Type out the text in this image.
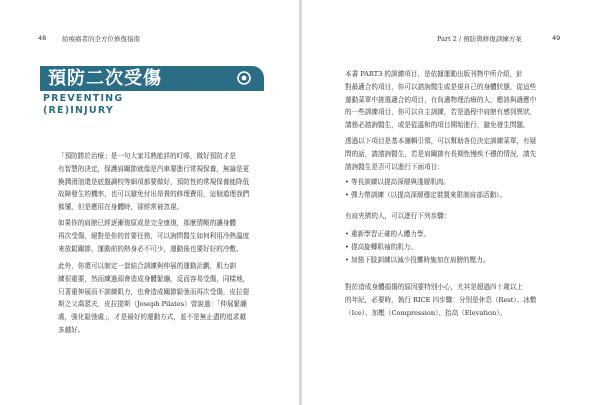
48 給痠痛者的全方位修復指南	Part 2 / 預防與修復訓練方案	49
預防二次受傷
PREVENTING
(RE)INJURY
「預防勝於治療」是一句大家耳熟能詳的叮嚀，做好預防才是
有智慧的決定，保護肩關節就像是汽車要進行常規保養，無論是更
換潤滑油還是底盤調校等細項都要做好，預防性的常規保養能降低
故障發生的機率，也可以避免付出昂貴的修理費用，這個道理我們
都懂，但是應用在身體時，卻經常被忽視。
如果你的肩膀已經逐漸復原或是完全康復，那麼情帳的讓身體
再次受傷，絕對是你的首要任務，可以詢問醫生如何利用冷熱溫度
來放鬆關節，運動前的熱身必不可少，運動後也要好好的冷敷。
此外，你還可以制定一套結合訓練與伸展的運動計劃，肌力訓
練很重要，然而練過頭會造成身體緊繃，反而容易受傷，同樣地，
只著重伸展而不訓練肌力，也會造成關節鬆弛而再次受傷，皮拉提
斯之父喬瑟夫．皮拉提斯（Joseph Pilates）曾說過：「伸展緊繃
處，強化鬆弛處」，才是最好的運動方式，並不是無止盡的追求越
多越好。
本書 PART3 的訓練項目，是依據運動出版刊物中所介紹，針
對最適合的項目，你可以諮詢醫生或是視自己的身體狀態，從這些
運動菜單中挑選適合的項目，有負適物理治療的人，應該與適應中
的一些訓練項目，你可以自主訓練，若是過程中肩膀有感到異狀，
請務必諮詢醫生，或是從溫和的項目開始進行，避免發生問題。
透過以下項目是基本邏輯引領，可以幫助各位決定訓練菜單，有疑
問的話，請諮詢醫生，若是肩關節有長期性慢疾不穩的情況，請先
諮詢醫生是否可以進行下面項目：
• 等長訓練以提高深層與淺層肌肉。
• 彈力帶訓練（以提高深層穩定裝置來限制肩部活動）。
有肩夾擠的人，可以進行下列步驟：
• 重新學習正確的人體力學。
• 提高旋轉肌袖的肌力。
• 加強下肢訓練以減少投擲時施加在肩膀的壓力。
對於造成身體損傷的原因要特別小心，尤其是超過四十歲以上
的年紀，必要時，執行 RICE 四步驟：分別是休息（Rest）、冰敷
（Ice）、加壓（Compression）、抬高（Elevation）。
